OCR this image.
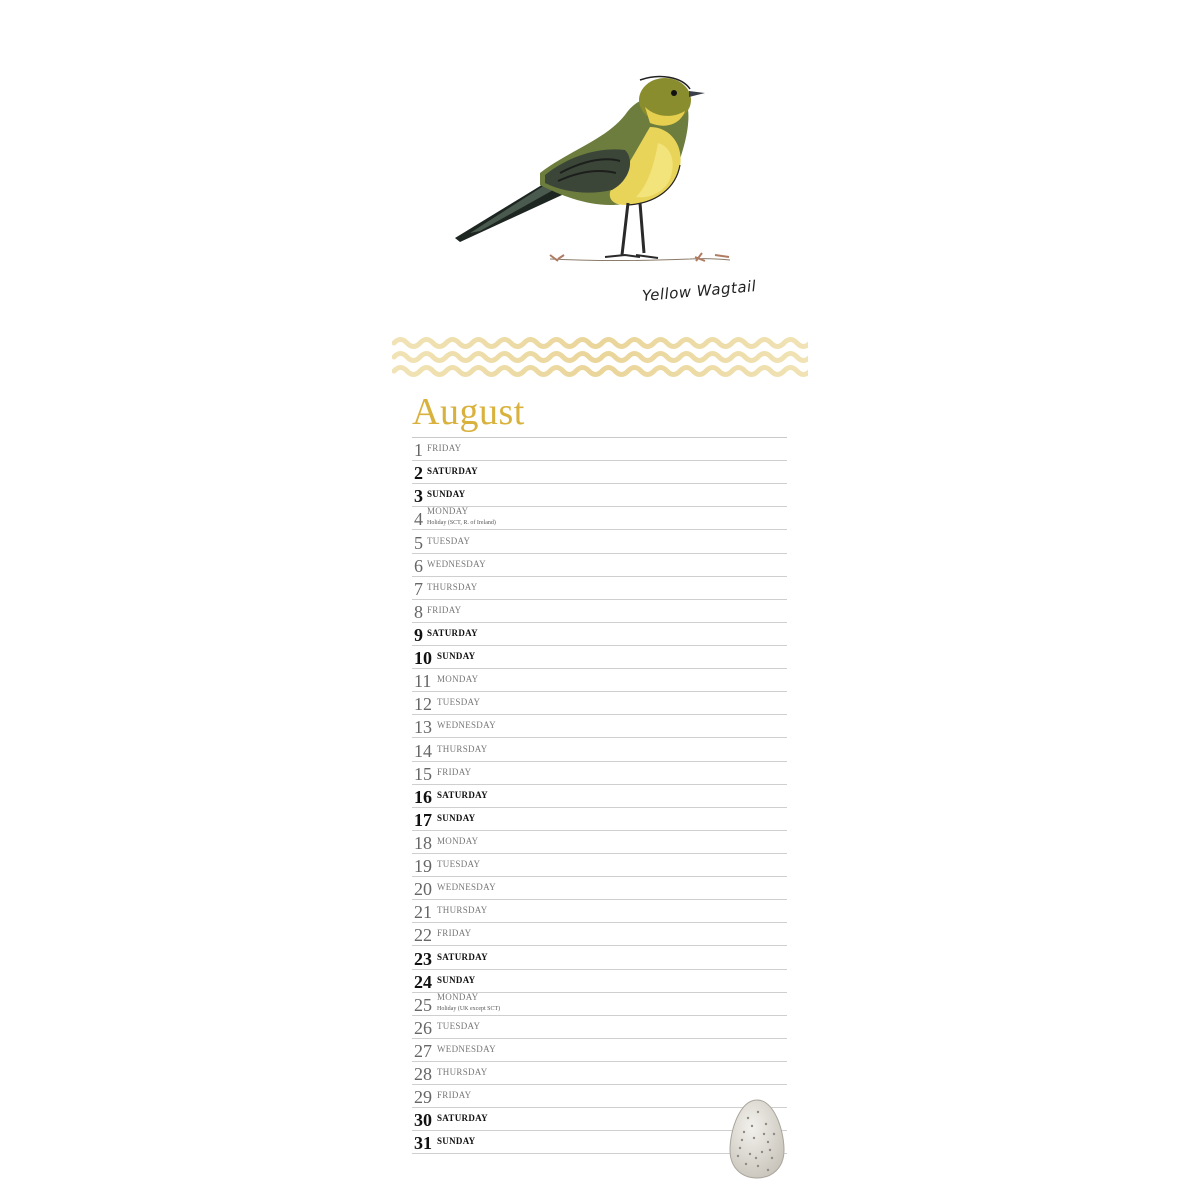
Yellow Wagtail
August
1 FRIDAY
2 SATURDAY
3 SUNDAY
4 MONDAY
Holiday (SCT, R. of Ireland)
5 TUESDAY
6 WEDNESDAY
7 THURSDAY
8 FRIDAY
9 SATURDAY
10 SUNDAY
11 MONDAY
12 TUESDAY
13 WEDNESDAY
14 THURSDAY
15 FRIDAY
16 SATURDAY
17 SUNDAY
18 MONDAY
19 TUESDAY
20 WEDNESDAY
21 THURSDAY
22 FRIDAY
23 SATURDAY
24 SUNDAY
25 MONDAY
Holiday (UK except SCT)
26 TUESDAY
27 WEDNESDAY
28 THURSDAY
29 FRIDAY
30 SATURDAY
31 SUNDAY
